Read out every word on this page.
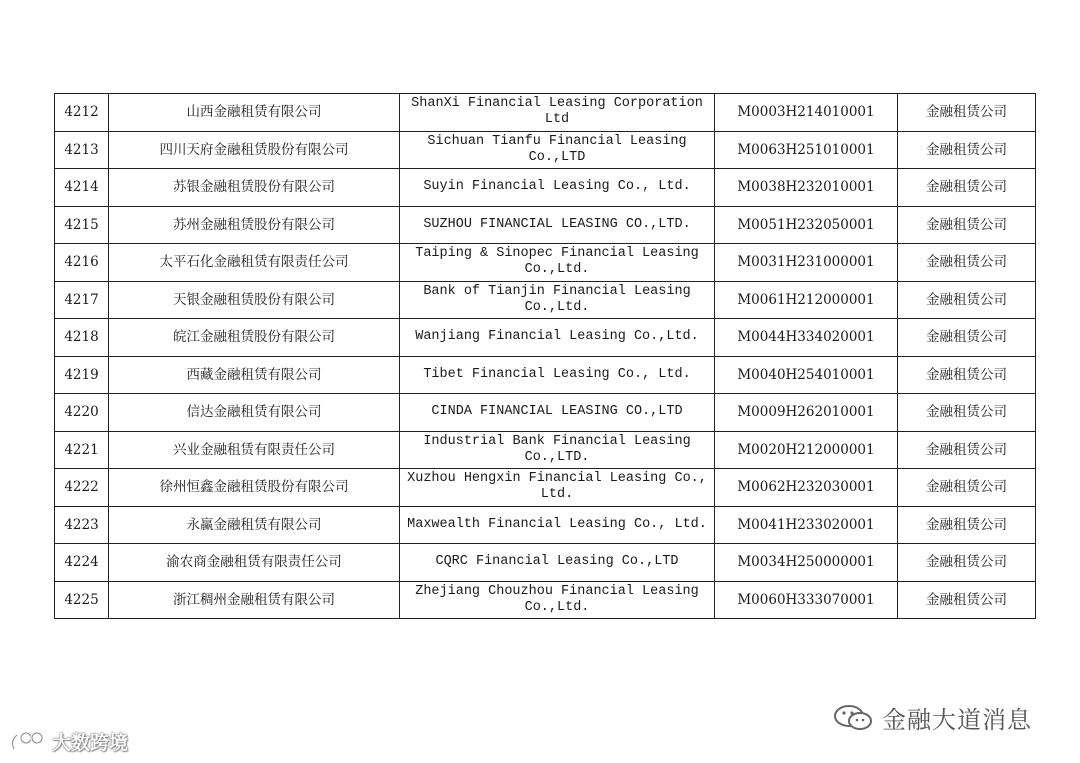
4212	山西金融租赁有限公司	ShanXi Financial Leasing Corporation Ltd	M0003H214010001	金融租赁公司
4213	四川天府金融租赁股份有限公司	Sichuan Tianfu Financial Leasing Co.,LTD	M0063H251010001	金融租赁公司
4214	苏银金融租赁股份有限公司	Suyin Financial Leasing Co., Ltd.	M0038H232010001	金融租赁公司
4215	苏州金融租赁股份有限公司	SUZHOU FINANCIAL LEASING CO.,LTD.	M0051H232050001	金融租赁公司
4216	太平石化金融租赁有限责任公司	Taiping & Sinopec Financial Leasing Co.,Ltd.	M0031H231000001	金融租赁公司
4217	天银金融租赁股份有限公司	Bank of Tianjin Financial Leasing Co.,Ltd.	M0061H212000001	金融租赁公司
4218	皖江金融租赁股份有限公司	Wanjiang Financial Leasing Co.,Ltd.	M0044H334020001	金融租赁公司
4219	西藏金融租赁有限公司	Tibet Financial Leasing Co., Ltd.	M0040H254010001	金融租赁公司
4220	信达金融租赁有限公司	CINDA FINANCIAL LEASING CO.,LTD	M0009H262010001	金融租赁公司
4221	兴业金融租赁有限责任公司	Industrial Bank Financial Leasing Co.,LTD.	M0020H212000001	金融租赁公司
4222	徐州恒鑫金融租赁股份有限公司	Xuzhou Hengxin Financial Leasing Co., Ltd.	M0062H232030001	金融租赁公司
4223	永赢金融租赁有限公司	Maxwealth Financial Leasing Co., Ltd.	M0041H233020001	金融租赁公司
4224	渝农商金融租赁有限责任公司	CQRC Financial Leasing Co.,LTD	M0034H250000001	金融租赁公司
4225	浙江稠州金融租赁有限公司	Zhejiang Chouzhou Financial Leasing Co.,Ltd.	M0060H333070001	金融租赁公司
金融大道消息
大数跨境
